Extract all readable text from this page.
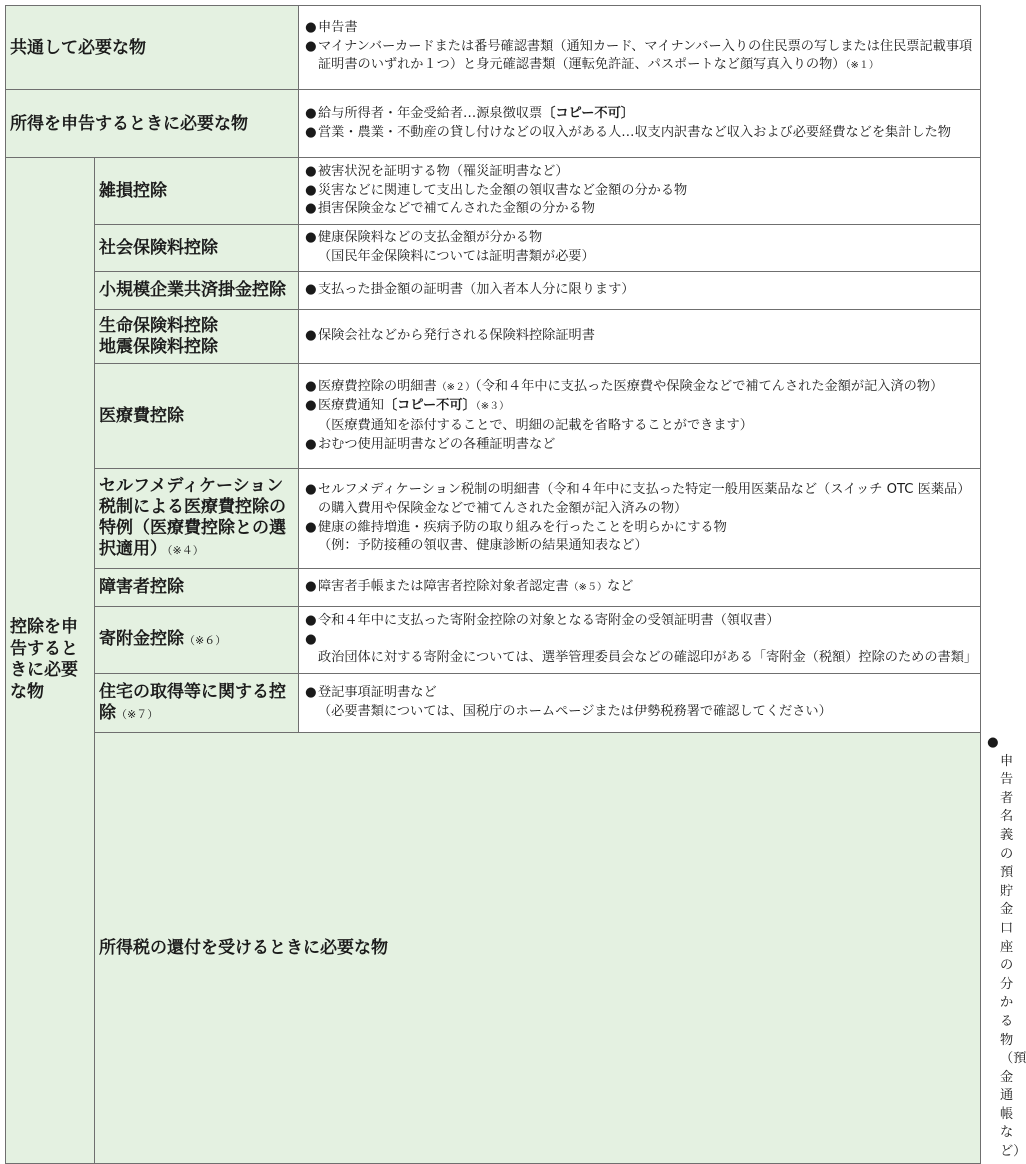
共通して必要な物		●申告書
●マイナンバーカードまたは番号確認書類（通知カード、マイナンバー入りの住民票の写しまたは住民票記載事項証明書のいずれか１つ）と身元確認書類（運転免許証、パスポートなど顔写真入りの物）（※１）	

所得を申告するときに必要な物		●給与所得者・年金受給者…源泉徴収票〔コピー不可〕
●営業・農業・不動産の貸し付けなどの収入がある人…収支内訳書など収入および必要経費などを集計した物	

控除を申告するときに必要な物	雑損控除	●被害状況を証明する物（罹災証明書など）
●災害などに関連して支出した金額の領収書など金額の分かる物
●損害保険金などで補てんされた金額の分かる物	

	社会保険料控除	●健康保険料などの支払金額が分かる物
（国民年金保険料については証明書類が必要）	

	小規模企業共済掛金控除	●支払った掛金額の証明書（加入者本人分に限ります）	

	生命保険料控除
地震保険料控除	●保険会社などから発行される保険料控除証明書	

	医療費控除	●医療費控除の明細書（※２）（令和４年中に支払った医療費や保険金などで補てんされた金額が記入済の物）
●医療費通知〔コピー不可〕（※３）
（医療費通知を添付することで、明細の記載を省略することができます）
●おむつ使用証明書などの各種証明書など	

	セルフメディケーション税制による医療費控除の特例（医療費控除との選択適用）（※４）	●セルフメディケーション税制の明細書（令和４年中に支払った特定一般用医薬品など（スイッチ OTC 医薬品）の購入費用や保険金などで補てんされた金額が記入済みの物）
●健康の維持増進・疾病予防の取り組みを行ったことを明らかにする物
（例：予防接種の領収書、健康診断の結果通知表など）	

	障害者控除	●障害者手帳または障害者控除対象者認定書（※５）など	

	寄附金控除（※６）	●令和４年中に支払った寄附金控除の対象となる寄附金の受領証明書（領収書）
●政治団体に対する寄附金については、選挙管理委員会などの確認印がある「寄附金（税額）控除のための書類」	

	住宅の取得等に関する控除（※７）	●登記事項証明書など
（必要書類については、国税庁のホームページまたは伊勢税務署で確認してください）	

	所得税の還付を受けるときに必要な物		●申告者名義の預貯金口座の分かる物（預金通帳など）
